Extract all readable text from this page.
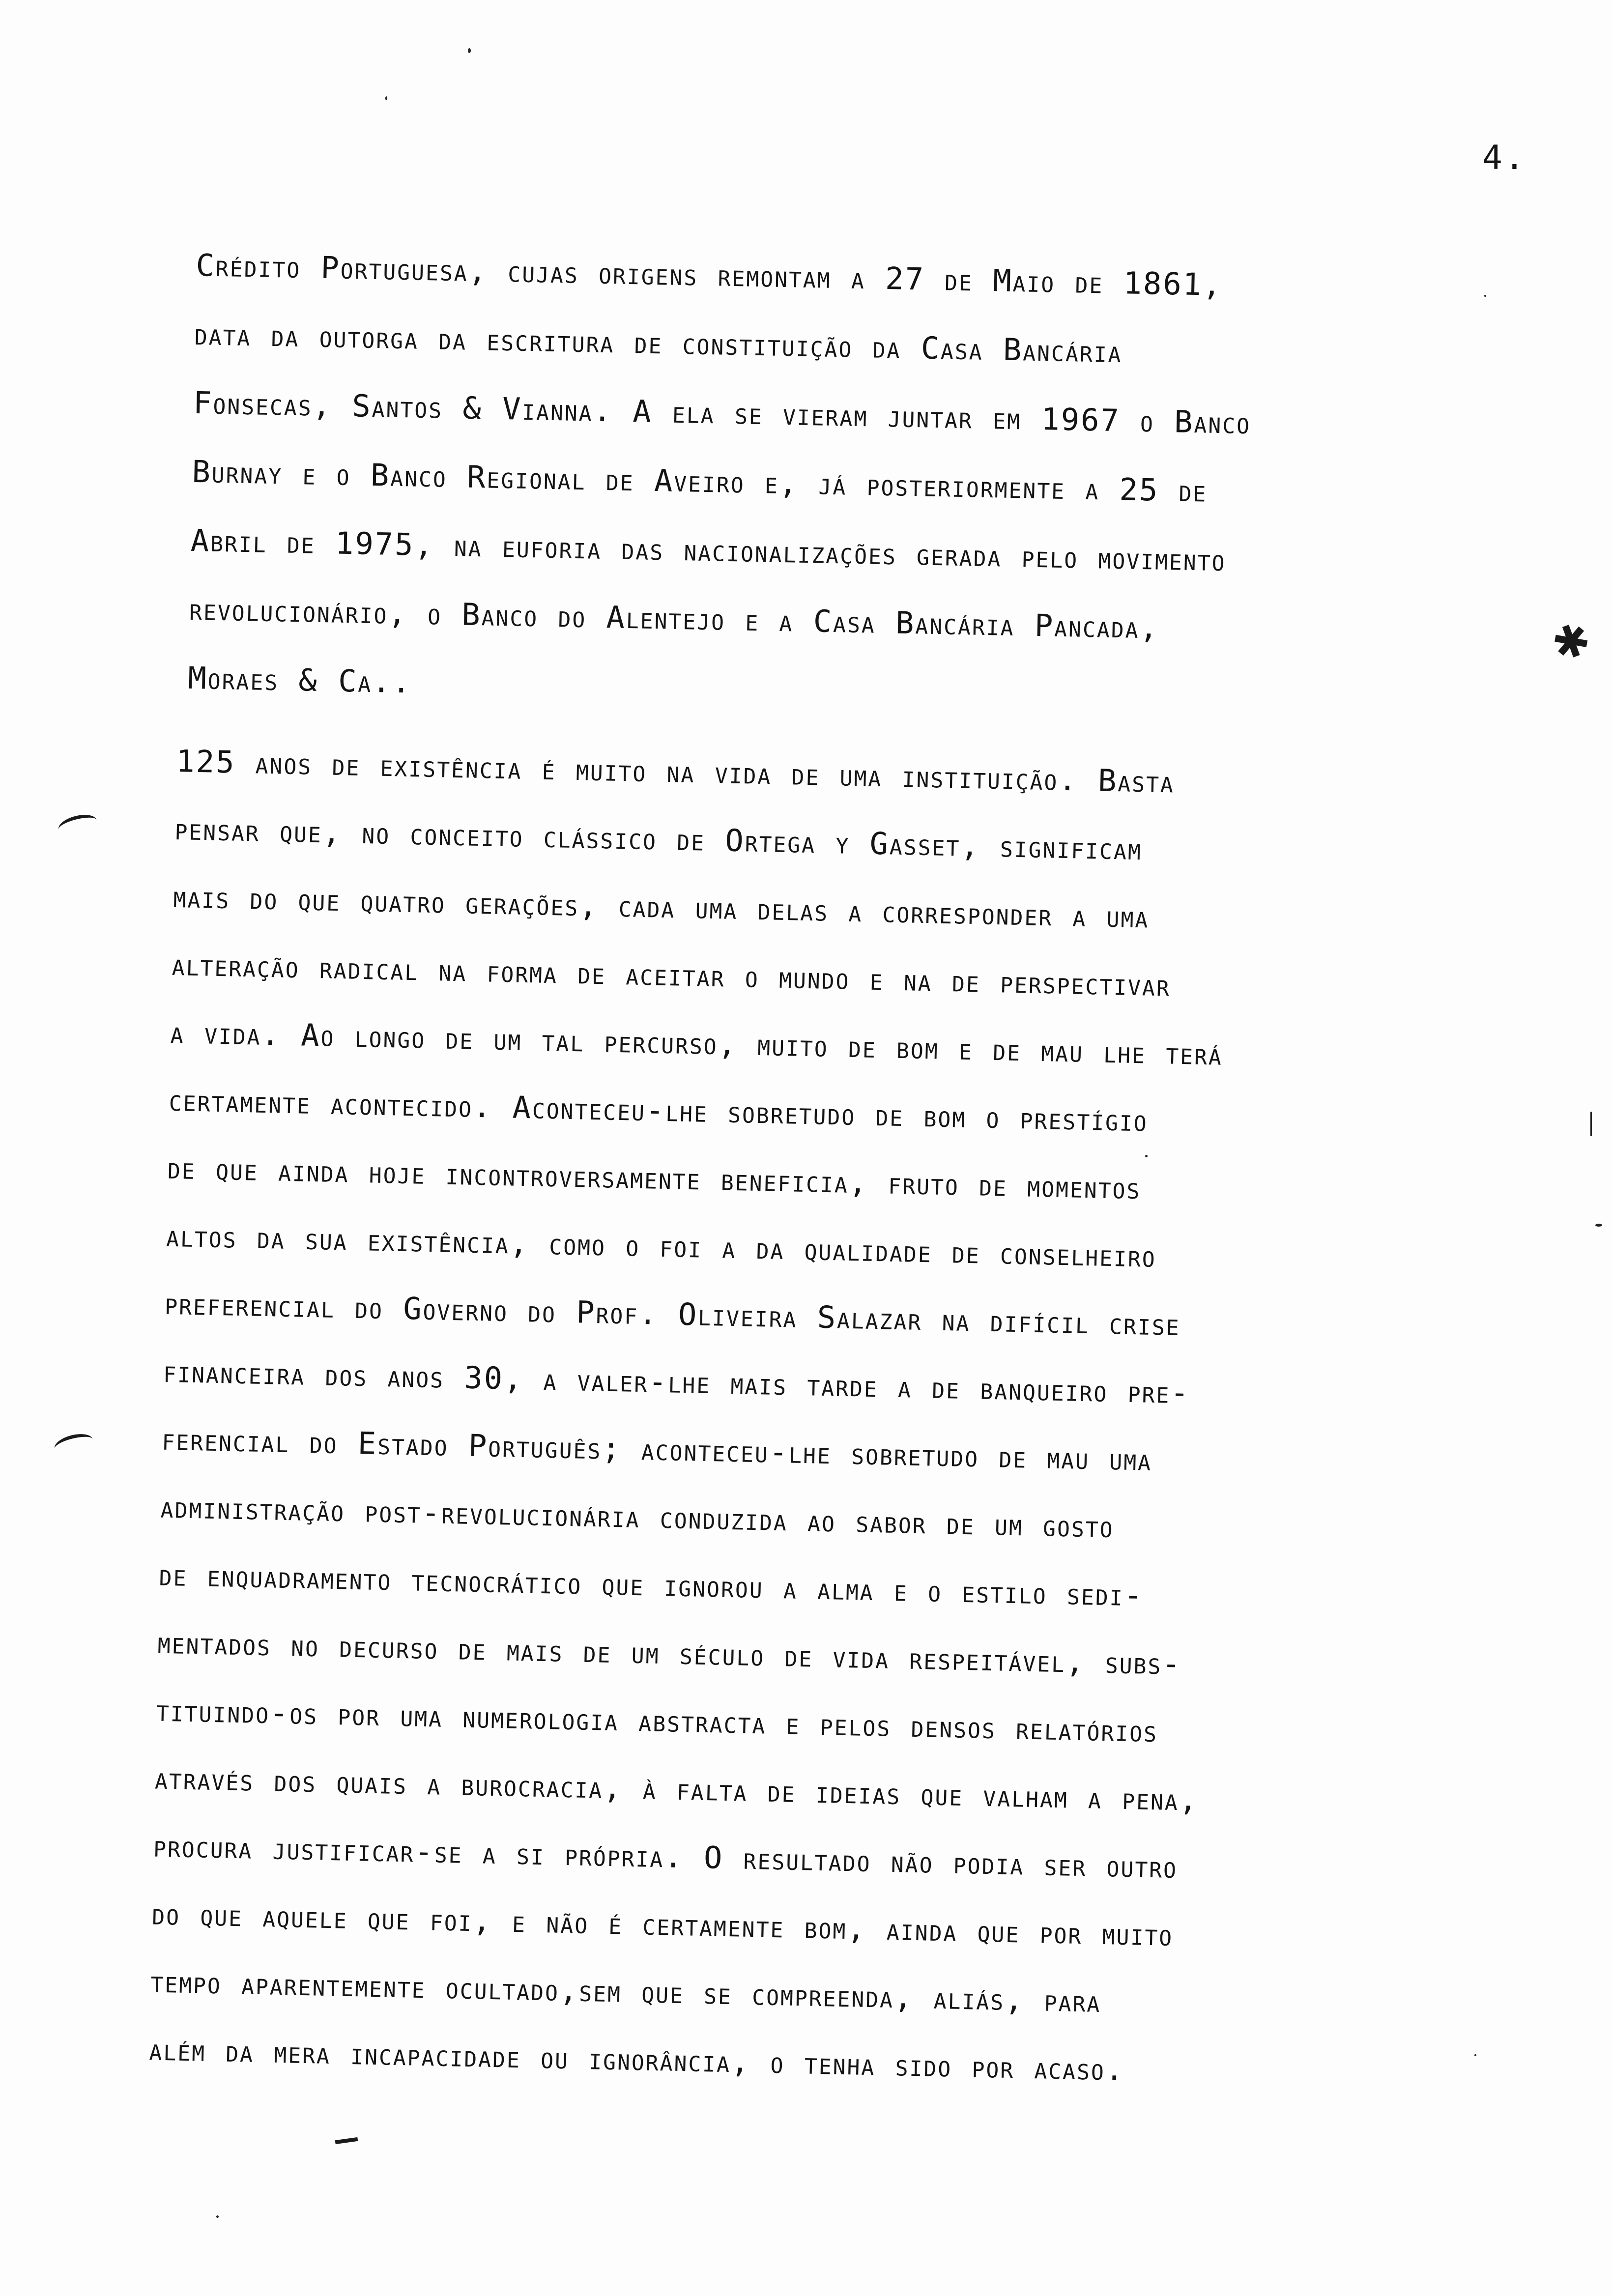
4.
Crédito Portuguesa, cujas origens remontam a 27 de Maio de 1861,
data da outorga da escritura de constituição da Casa Bancária
Fonsecas, Santos & Vianna. A ela se vieram juntar em 1967 o Banco
Burnay e o Banco Regional de Aveiro e, já posteriormente a 25 de
Abril de 1975, na euforia das nacionalizações gerada pelo movimento
revolucionário, o Banco do Alentejo e a Casa Bancária Pancada,
Moraes & Ca..
125 anos de existência é muito na vida de uma instituição. Basta
pensar que, no conceito clássico de Ortega y Gasset, significam
mais do que quatro gerações, cada uma delas a corresponder a uma
alteração radical na forma de aceitar o mundo e na de perspectivar
a vida. Ao longo de um tal percurso, muito de bom e de mau lhe terá
certamente acontecido. Aconteceu-lhe sobretudo de bom o prestígio
de que ainda hoje incontroversamente beneficia, fruto de momentos
altos da sua existência, como o foi a da qualidade de conselheiro
preferencial do Governo do Prof. Oliveira Salazar na difícil crise
financeira dos anos 30, a valer-lhe mais tarde a de banqueiro pre-
ferencial do Estado Português; aconteceu-lhe sobretudo de mau uma
administração post-revolucionária conduzida ao sabor de um gosto
de enquadramento tecnocrático que ignorou a alma e o estilo sedi-
mentados no decurso de mais de um século de vida respeitável, subs-
tituindo-os por uma numerologia abstracta e pelos densos relatórios
através dos quais a burocracia, à falta de ideias que valham a pena,
procura justificar-se a si própria. O resultado não podia ser outro
do que aquele que foi, e não é certamente bom, ainda que por muito
tempo aparentemente ocultado,sem que se compreenda, aliás, para
além da mera incapacidade ou ignorância, o tenha sido por acaso.
✱
